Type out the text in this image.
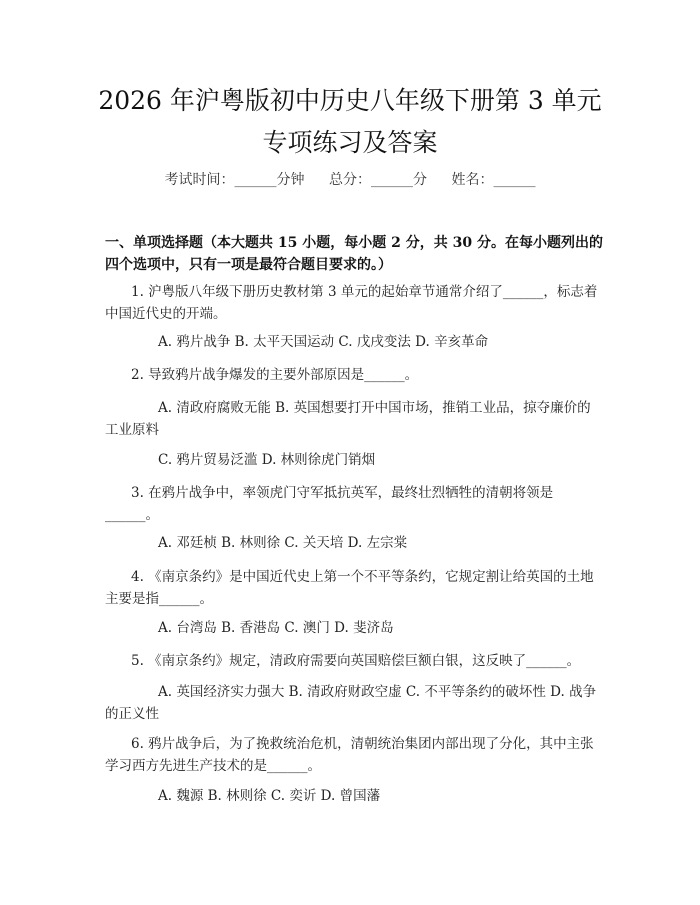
2026 年沪粤版初中历史八年级下册第 3 单元
专项练习及答案
考试时间：______分钟 总分：______分 姓名：______
一、单项选择题（本大题共 15 小题，每小题 2 分，共 30 分。在每小题列出的四个选项中，只有一项是最符合题目要求的。）
1. 沪粤版八年级下册历史教材第 3 单元的起始章节通常介绍了______，标志着中国近代史的开端。
A. 鸦片战争 B. 太平天国运动 C. 戊戌变法 D. 辛亥革命
2. 导致鸦片战争爆发的主要外部原因是______。
A. 清政府腐败无能 B. 英国想要打开中国市场，推销工业品，掠夺廉价的工业原料
C. 鸦片贸易泛滥 D. 林则徐虎门销烟
3. 在鸦片战争中，率领虎门守军抵抗英军，最终壮烈牺牲的清朝将领是______。
A. 邓廷桢 B. 林则徐 C. 关天培 D. 左宗棠
4. 《南京条约》是中国近代史上第一个不平等条约，它规定割让给英国的土地主要是指______。
A. 台湾岛 B. 香港岛 C. 澳门 D. 斐济岛
5. 《南京条约》规定，清政府需要向英国赔偿巨额白银，这反映了______。
A. 英国经济实力强大 B. 清政府财政空虚 C. 不平等条约的破坏性 D. 战争的正义性
6. 鸦片战争后，为了挽救统治危机，清朝统治集团内部出现了分化，其中主张学习西方先进生产技术的是______。
A. 魏源 B. 林则徐 C. 奕䜣 D. 曾国藩
